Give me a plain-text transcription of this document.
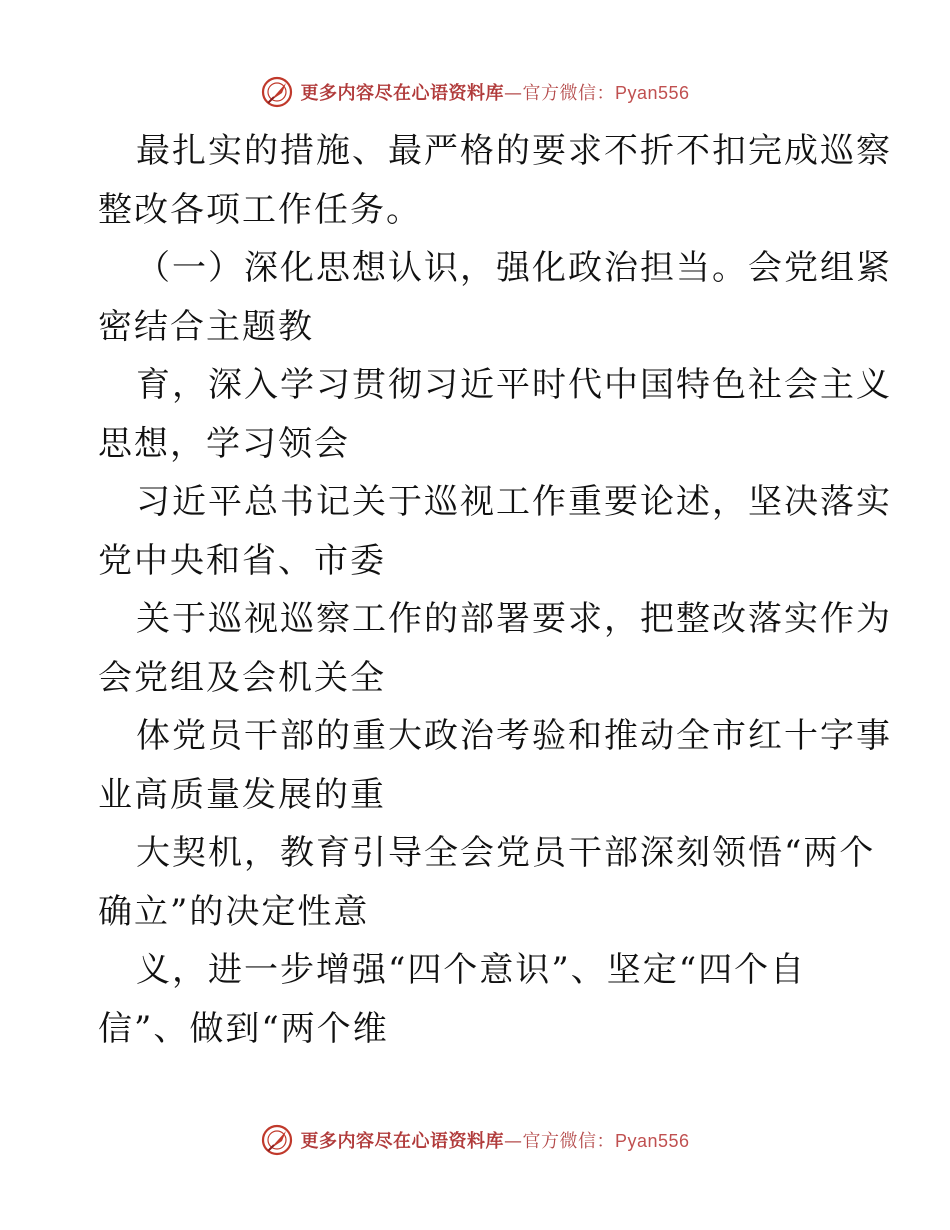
更多内容尽在心语资料库—官方微信：Pyan556

最扎实的措施、最严格的要求不折不扣完成巡察

整改各项工作任务。

（一）深化思想认识，强化政治担当。会党组紧

密结合主题教

育，深入学习贯彻习近平时代中国特色社会主义

思想，学习领会

习近平总书记关于巡视工作重要论述，坚决落实

党中央和省、市委

关于巡视巡察工作的部署要求，把整改落实作为

会党组及会机关全

体党员干部的重大政治考验和推动全市红十字事

业高质量发展的重

大契机，教育引导全会党员干部深刻领悟“两个

确立”的决定性意

义，进一步增强“四个意识”、坚定“四个自

信”、做到“两个维

更多内容尽在心语资料库—官方微信：Pyan556
